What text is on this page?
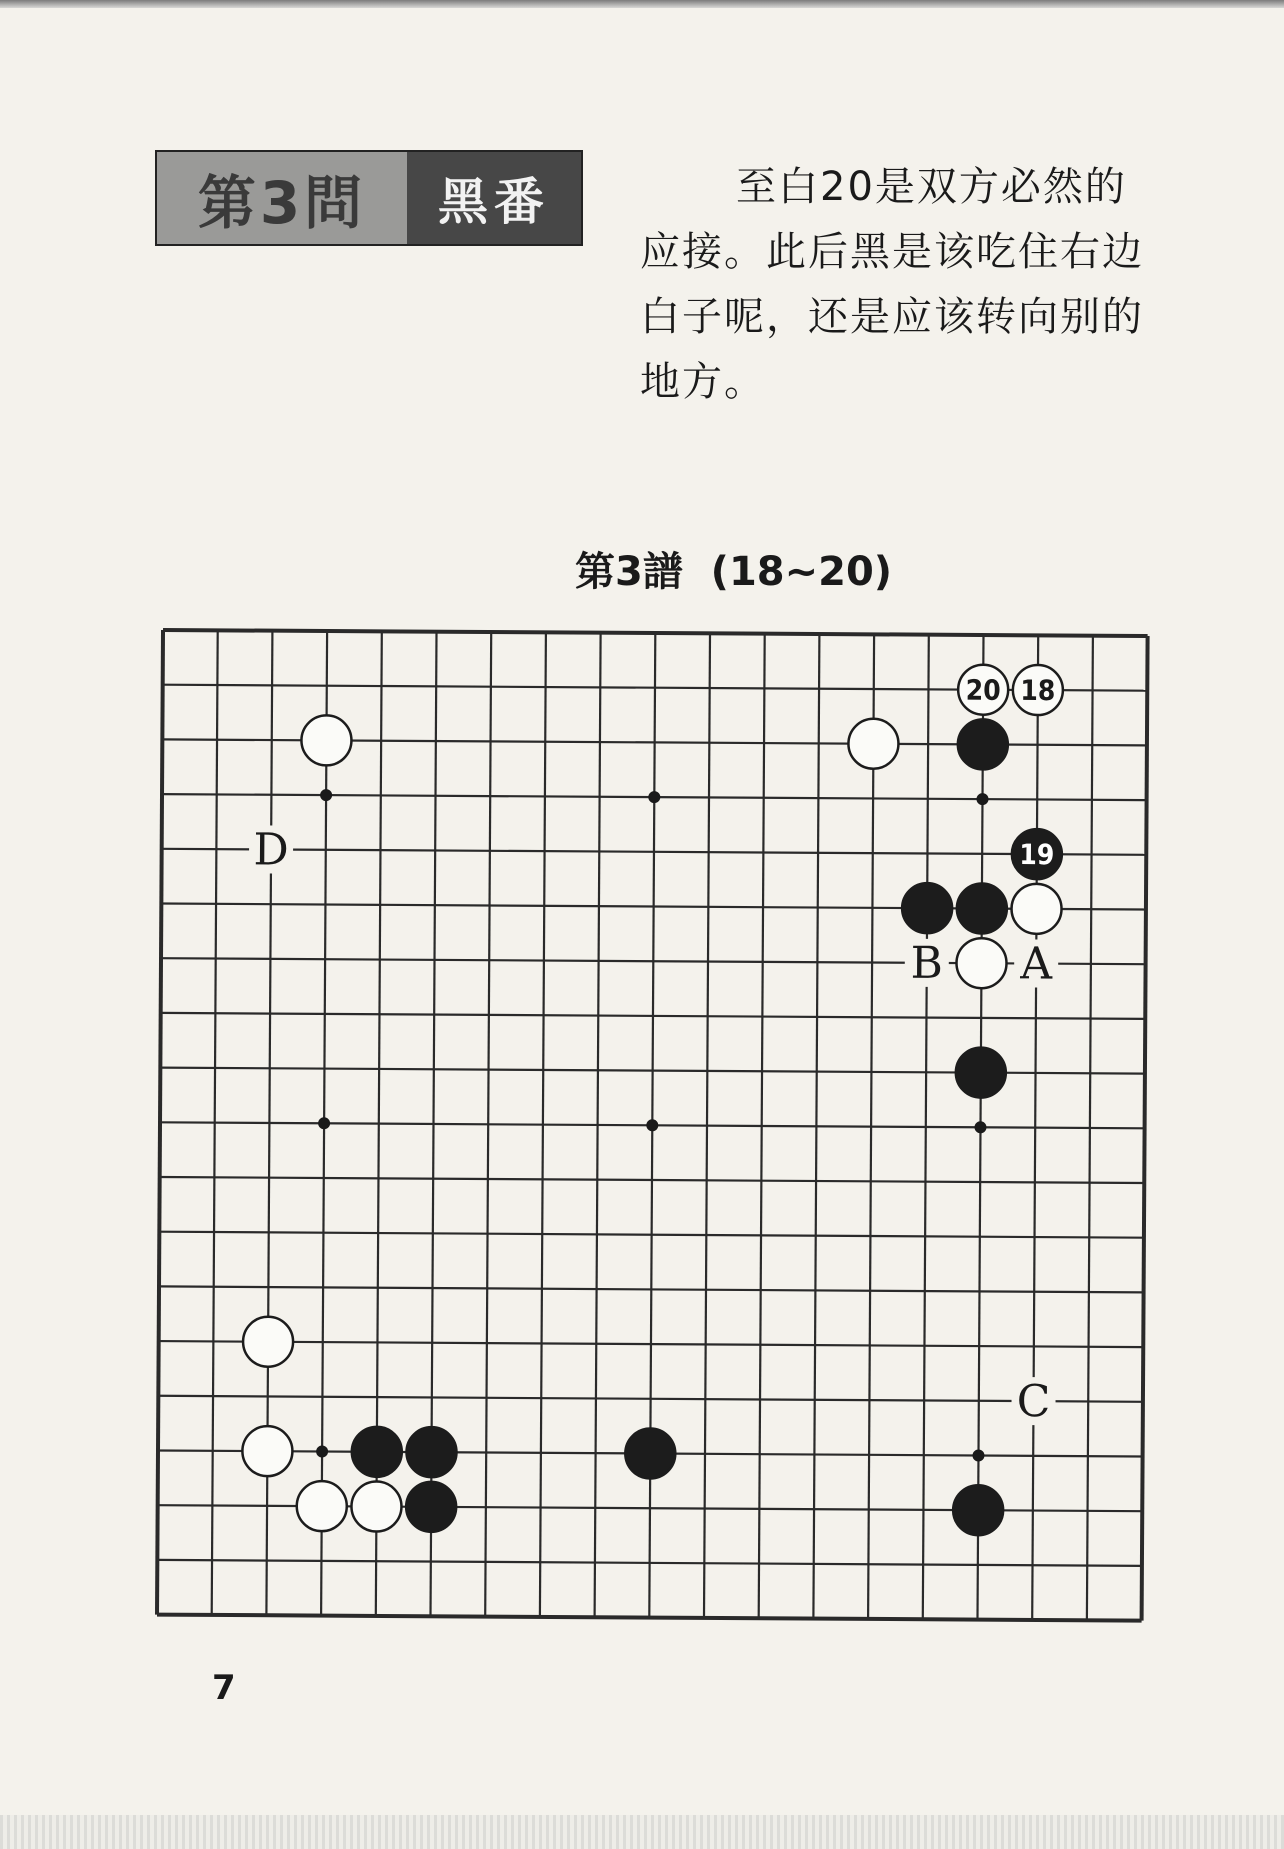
第3問	黑番	至白20是双方必然的应接。此后黑是该吃住右边白子呢，还是应该转向别的地方。
第3譜  (18~20)
19
20 18
D
B A
C
7
